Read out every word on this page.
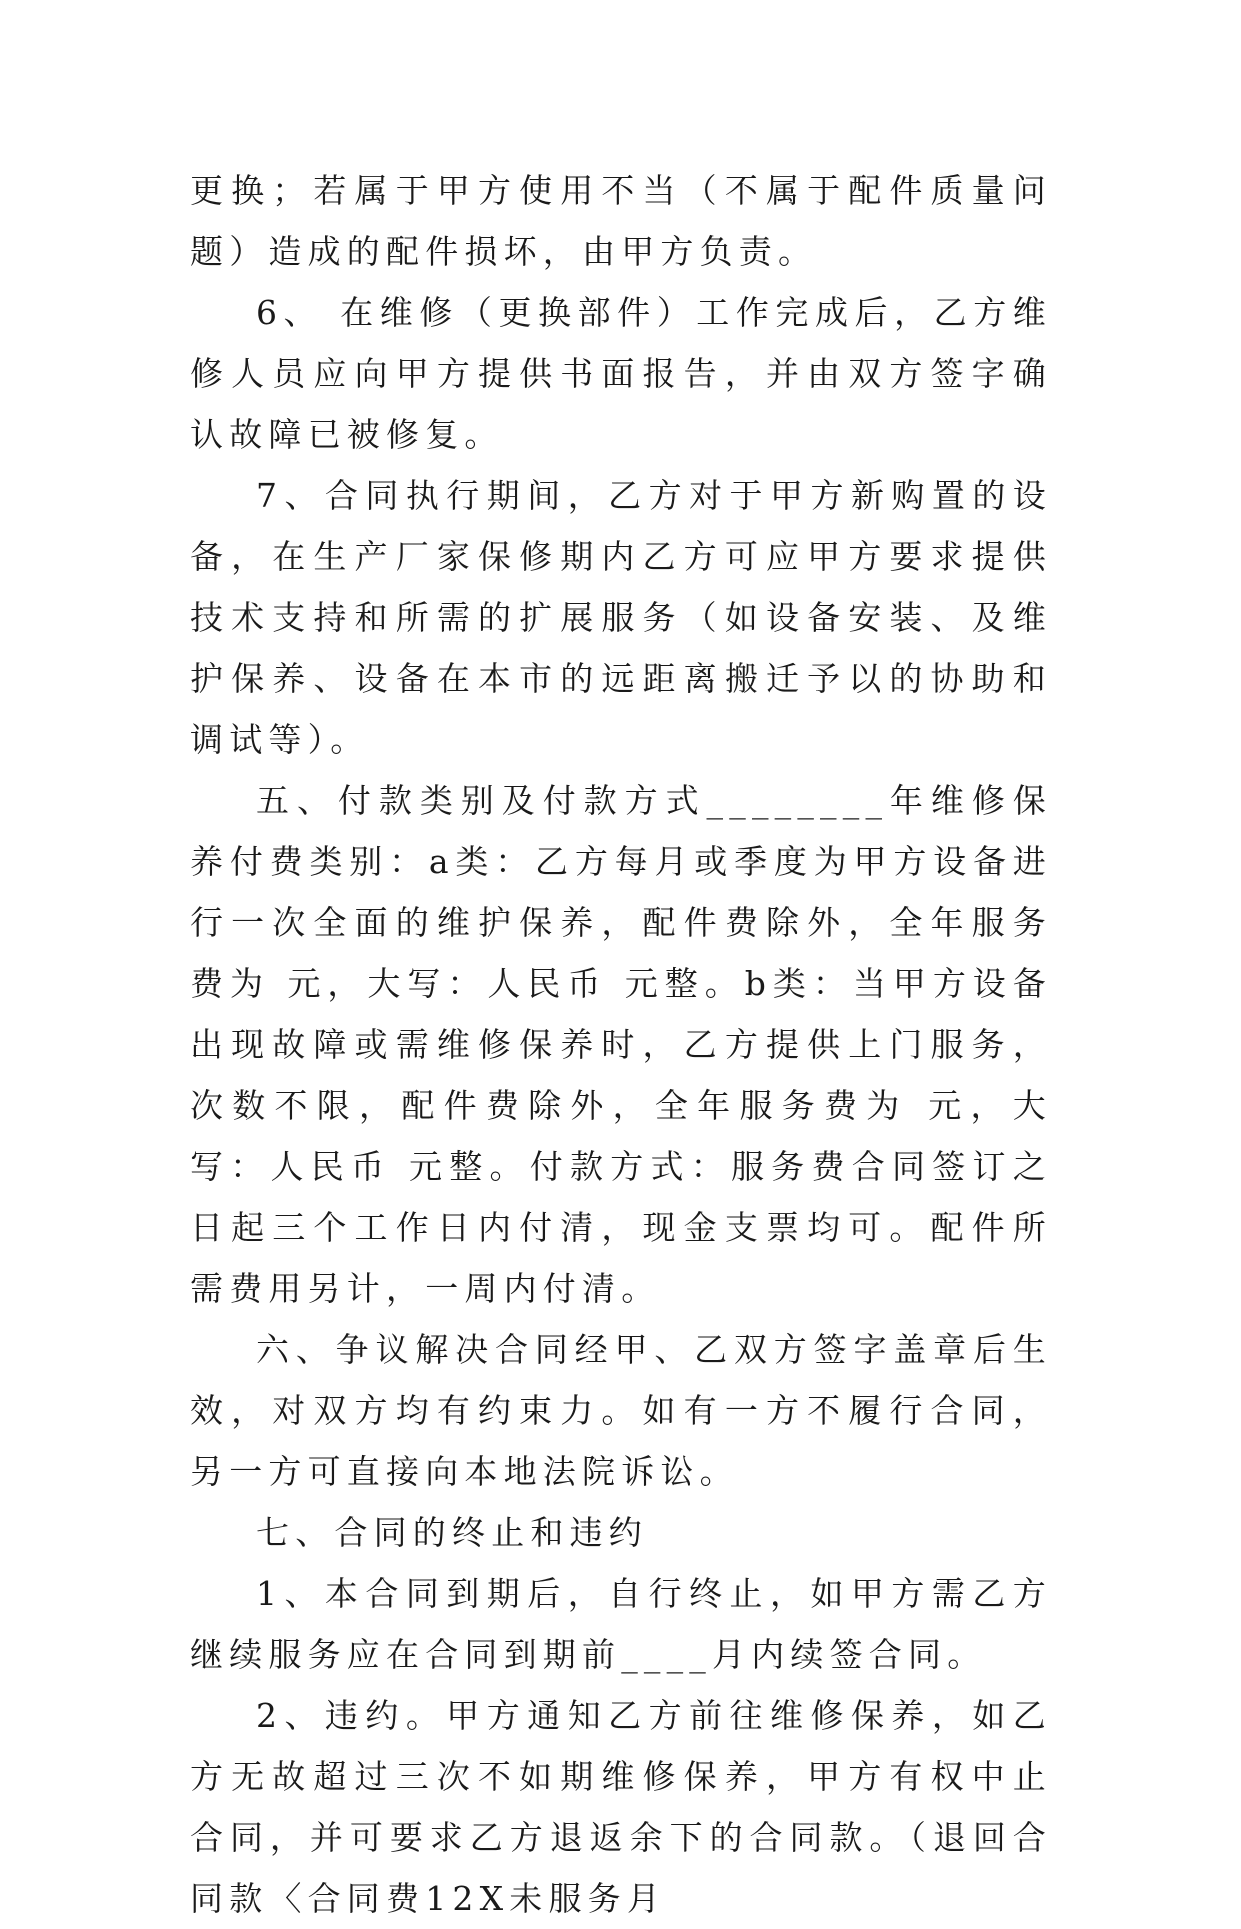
更换；若属于甲方使用不当（不属于配件质量问题）造成的配件损坏，由甲方负责。

6、 在维修（更换部件）工作完成后，乙方维修人员应向甲方提供书面报告，并由双方签字确认故障已被修复。

7、合同执行期间，乙方对于甲方新购置的设备，在生产厂家保修期内乙方可应甲方要求提供技术支持和所需的扩展服务（如设备安装、及维护保养、设备在本市的远距离搬迁予以的协助和调试等）。

五、付款类别及付款方式________年维修保养付费类别：a类：乙方每月或季度为甲方设备进行一次全面的维护保养，配件费除外，全年服务费为 元，大写：人民币 元整。b类：当甲方设备出现故障或需维修保养时，乙方提供上门服务，次数不限，配件费除外，全年服务费为 元，大写：人民币 元整。付款方式：服务费合同签订之日起三个工作日内付清，现金支票均可。配件所需费用另计，一周内付清。

六、争议解决合同经甲、乙双方签字盖章后生效，对双方均有约束力。如有一方不履行合同，另一方可直接向本地法院诉讼。

七、合同的终止和违约

1、本合同到期后，自行终止，如甲方需乙方继续服务应在合同到期前____月内续签合同。

2、违约。甲方通知乙方前往维修保养，如乙方无故超过三次不如期维修保养，甲方有权中止合同，并可要求乙方退返余下的合同款。（退回合同款〈合同费12X未服务月
